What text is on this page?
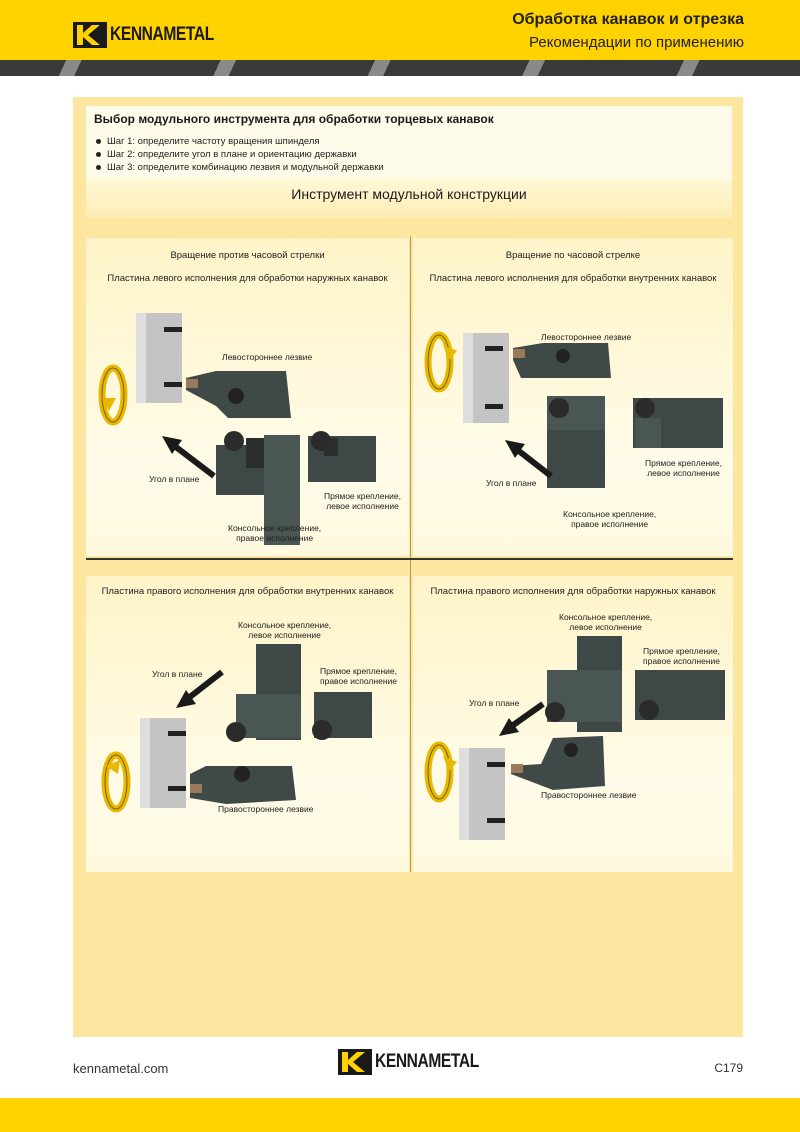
KENNAMETAL
Обработка канавок и отрезка
Рекомендации по применению
Выбор модульного инструмента для обработки торцевых канавок
Шаг 1: определите частоту вращения шпинделя
Шаг 2: определите угол в плане и ориентацию державки
Шаг 3: определите комбинацию лезвия и модульной державки
Инструмент модульной конструкции
Вращение против часовой стрелки
Пластина левого исполнения для обработки наружных канавок
Левостороннее лезвие
Угол в плане
Прямое крепление,
левое исполнение
Консольное крепление,
правое исполнение
Вращение по часовой стрелке
Пластина левого исполнения для обработки внутренних канавок
Левостороннее лезвие
Угол в плане
Прямое крепление,
левое исполнение
Консольное крепление,
правое исполнение
Пластина правого исполнения для обработки внутренних канавок
Консольное крепление,
левое исполнение
Прямое крепление,
правое исполнение
Угол в плане
Правостороннее лезвие
Пластина правого исполнения для обработки наружных канавок
Консольное крепление,
левое исполнение
Прямое крепление,
правое исполнение
Угол в плане
Правостороннее лезвие
kennametal.com	KENNAMETAL	C179
